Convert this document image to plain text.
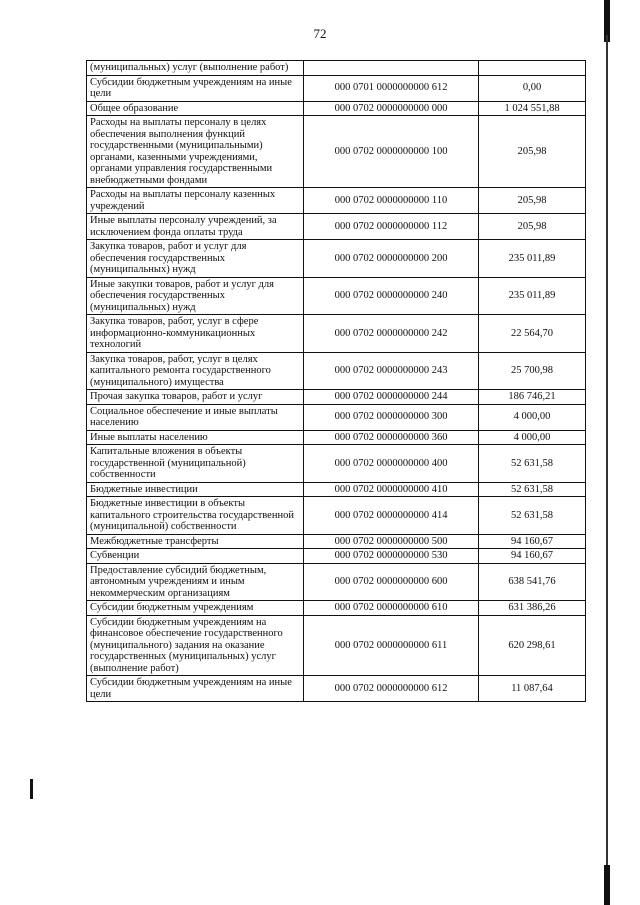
72
(муниципальных) услуг (выполнение работ)		
Субсидии бюджетным учреждениям на иные цели	000 0701 0000000000 612	0,00
Общее образование	000 0702 0000000000 000	1 024 551,88
Расходы на выплаты персоналу в целях обеспечения выполнения функций государственными (муниципальными) органами, казенными учреждениями, органами управления государственными внебюджетными фондами	000 0702 0000000000 100	205,98
Расходы на выплаты персоналу казенных учреждений	000 0702 0000000000 110	205,98
Иные выплаты персоналу учреждений, за исключением фонда оплаты труда	000 0702 0000000000 112	205,98
Закупка товаров, работ и услуг для обеспечения государственных (муниципальных) нужд	000 0702 0000000000 200	235 011,89
Иные закупки товаров, работ и услуг для обеспечения государственных (муниципальных) нужд	000 0702 0000000000 240	235 011,89
Закупка товаров, работ, услуг в сфере информационно-коммуникационных технологий	000 0702 0000000000 242	22 564,70
Закупка товаров, работ, услуг в целях капитального ремонта государственного (муниципального) имущества	000 0702 0000000000 243	25 700,98
Прочая закупка товаров, работ и услуг	000 0702 0000000000 244	186 746,21
Социальное обеспечение и иные выплаты населению	000 0702 0000000000 300	4 000,00
Иные выплаты населению	000 0702 0000000000 360	4 000,00
Капитальные вложения в объекты государственной (муниципальной) собственности	000 0702 0000000000 400	52 631,58
Бюджетные инвестиции	000 0702 0000000000 410	52 631,58
Бюджетные инвестиции в объекты капитального строительства государственной (муниципальной) собственности	000 0702 0000000000 414	52 631,58
Межбюджетные трансферты	000 0702 0000000000 500	94 160,67
Субвенции	000 0702 0000000000 530	94 160,67
Предоставление субсидий бюджетным, автономным учреждениям и иным некоммерческим организациям	000 0702 0000000000 600	638 541,76
Субсидии бюджетным учреждениям	000 0702 0000000000 610	631 386,26
Субсидии бюджетным учреждениям на финансовое обеспечение государственного (муниципального) задания на оказание государственных (муниципальных) услуг (выполнение работ)	000 0702 0000000000 611	620 298,61
Субсидии бюджетным учреждениям на иные цели	000 0702 0000000000 612	11 087,64
